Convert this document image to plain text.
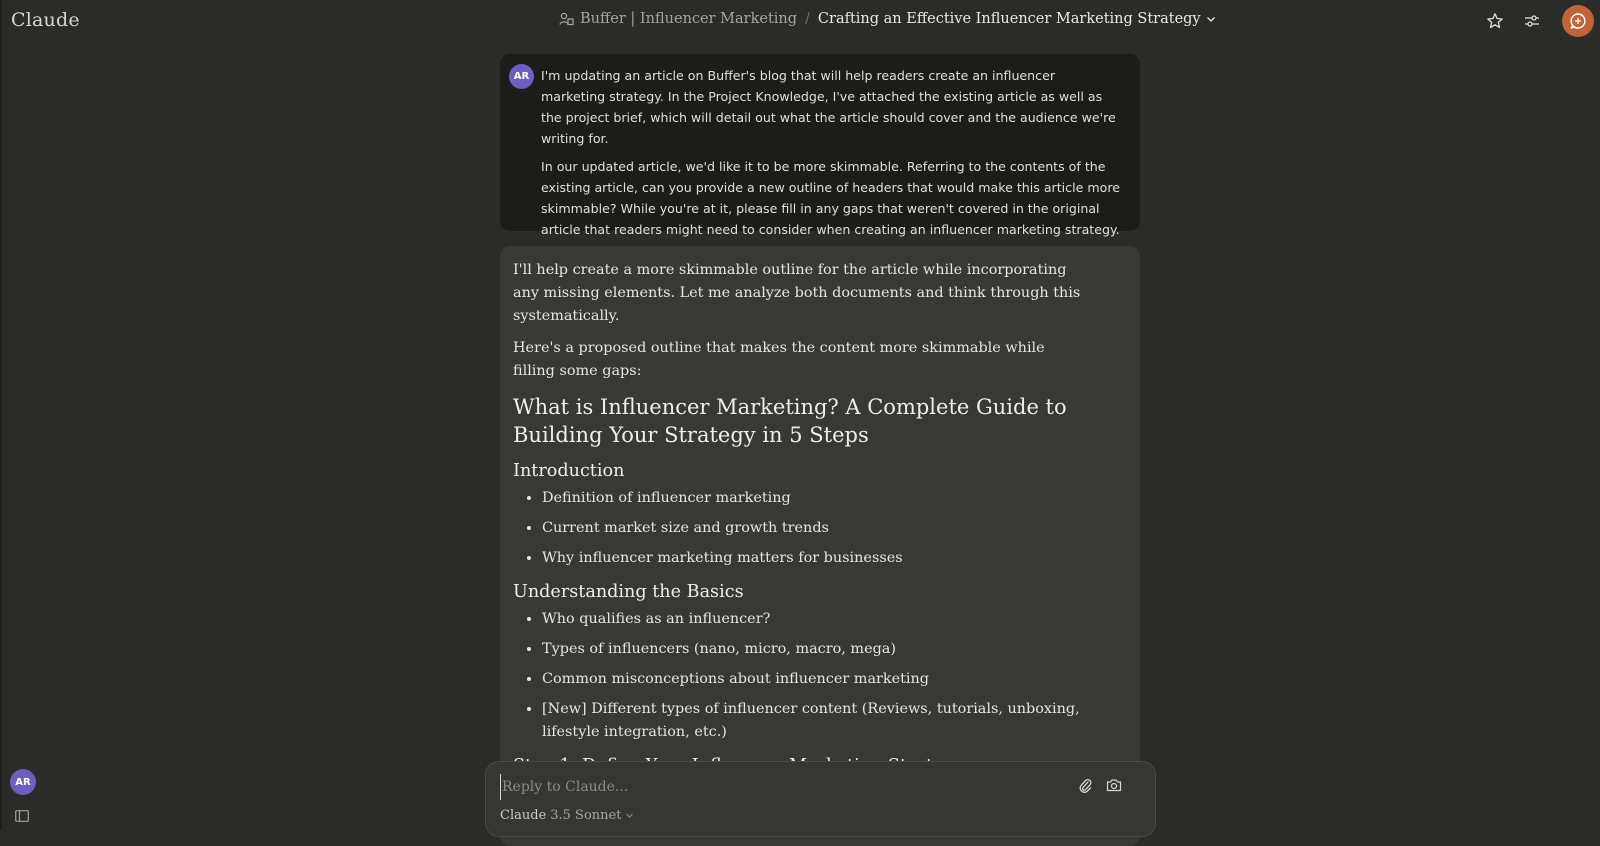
Claude	Buffer | Influencer Marketing / Crafting an Effective Influencer Marketing Strategy
AR I'm updating an article on Buffer's blog that will help readers create an influencer marketing strategy. In the Project Knowledge, I've attached the existing article as well as the project brief, which will detail out what the article should cover and the audience we're writing for.

In our updated article, we'd like it to be more skimmable. Referring to the contents of the existing article, can you provide a new outline of headers that would make this article more skimmable? While you're at it, please fill in any gaps that weren't covered in the original article that readers might need to consider when creating an influencer marketing strategy.

I'll help create a more skimmable outline for the article while incorporating any missing elements. Let me analyze both documents and think through this systematically.

Here's a proposed outline that makes the content more skimmable while filling some gaps:

What is Influencer Marketing? A Complete Guide to Building Your Strategy in 5 Steps
Introduction
• Definition of influencer marketing
• Current market size and growth trends
• Why influencer marketing matters for businesses
Understanding the Basics
• Who qualifies as an influencer?
• Types of influencers (nano, micro, macro, mega)
• Common misconceptions about influencer marketing
• [New] Different types of influencer content (Reviews, tutorials, unboxing, lifestyle integration, etc.)
Reply to Claude...
Claude 3.5 Sonnet
AR
